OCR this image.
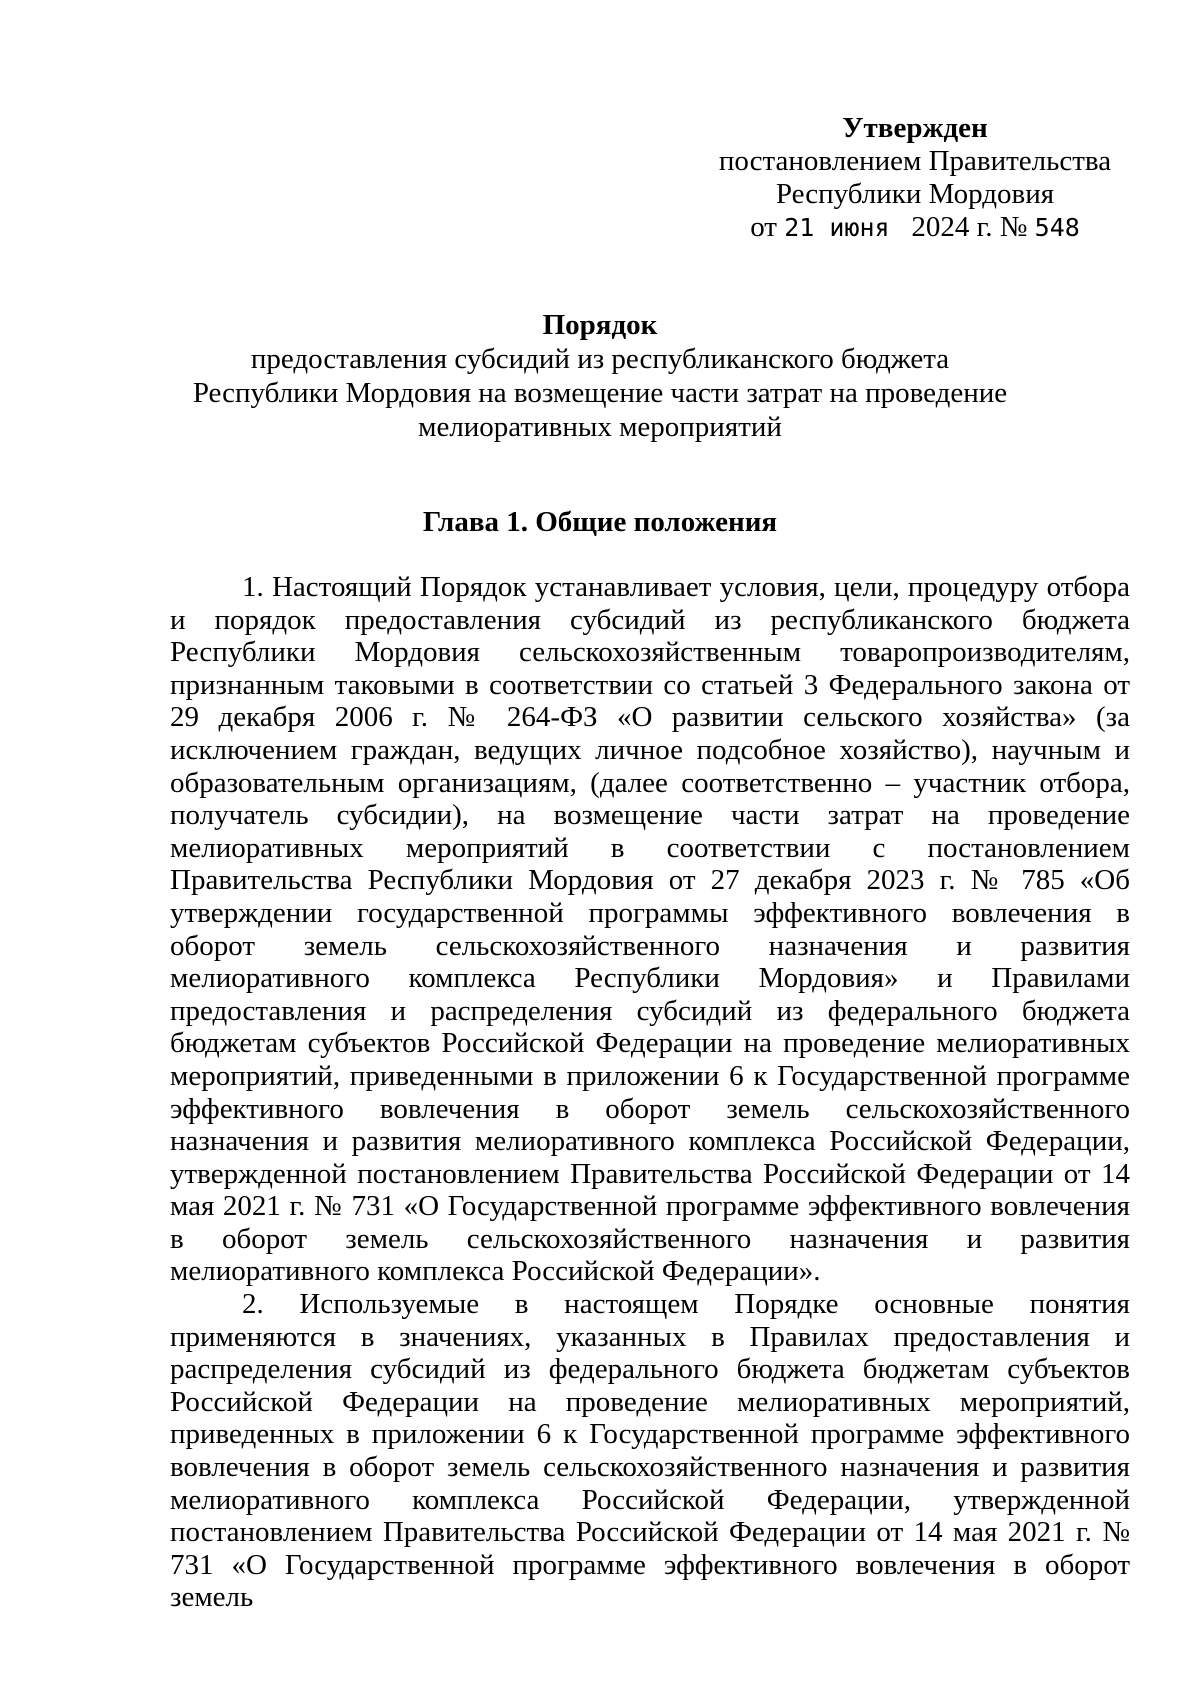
Утвержден
постановлением Правительства
Республики Мордовия
от 21 июня 2024 г. № 548
Порядок
предоставления субсидий из республиканского бюджета
Республики Мордовия на возмещение части затрат на проведение
мелиоративных мероприятий
Глава 1. Общие положения

1. Настоящий Порядок устанавливает условия, цели, процедуру отбора и порядок предоставления субсидий из республиканского бюджета Республики Мордовия сельскохозяйственным товаропроизводителям, признанным таковыми в соответствии со статьей 3 Федерального закона от 29 декабря 2006 г. № 264-ФЗ «О развитии сельского хозяйства» (за исключением граждан, ведущих личное подсобное хозяйство), научным и образовательным организациям, (далее соответственно – участник отбора, получатель субсидии), на возмещение части затрат на проведение мелиоративных мероприятий в соответствии с постановлением Правительства Республики Мордовия от 27 декабря 2023 г. № 785 «Об утверждении государственной программы эффективного вовлечения в оборот земель сельскохозяйственного назначения и развития мелиоративного комплекса Республики Мордовия» и Правилами предоставления и распределения субсидий из федерального бюджета бюджетам субъектов Российской Федерации на проведение мелиоративных мероприятий, приведенными в приложении 6 к Государственной программе эффективного вовлечения в оборот земель сельскохозяйственного назначения и развития мелиоративного комплекса Российской Федерации, утвержденной постановлением Правительства Российской Федерации от 14 мая 2021 г. № 731 «О Государственной программе эффективного вовлечения в оборот земель сельскохозяйственного назначения и развития мелиоративного комплекса Российской Федерации».

2. Используемые в настоящем Порядке основные понятия применяются в значениях, указанных в Правилах предоставления и распределения субсидий из федерального бюджета бюджетам субъектов Российской Федерации на проведение мелиоративных мероприятий, приведенных в приложении 6 к Государственной программе эффективного вовлечения в оборот земель сельскохозяйственного назначения и развития мелиоративного комплекса Российской Федерации, утвержденной постановлением Правительства Российской Федерации от 14 мая 2021 г. № 731 «О Государственной программе эффективного вовлечения в оборот земель
